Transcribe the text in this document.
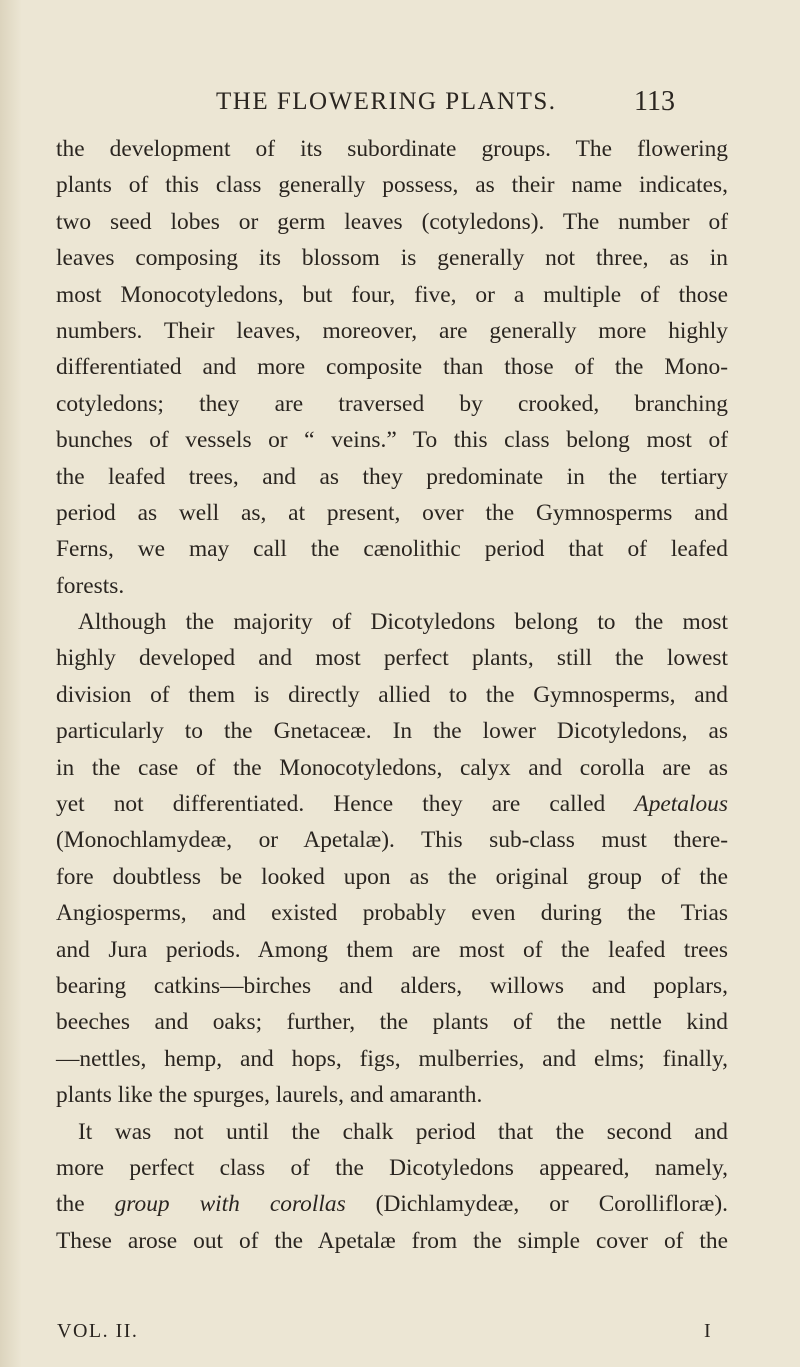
THE FLOWERING PLANTS.	113
the development of its subordinate groups. The flowering
plants of this class generally possess, as their name indicates,
two seed lobes or germ leaves (cotyledons). The number of
leaves composing its blossom is generally not three, as in
most Monocotyledons, but four, five, or a multiple of those
numbers. Their leaves, moreover, are generally more highly
differentiated and more composite than those of the Mono-
cotyledons; they are traversed by crooked, branching
bunches of vessels or “ veins.” To this class belong most of
the leafed trees, and as they predominate in the tertiary
period as well as, at present, over the Gymnosperms and
Ferns, we may call the cænolithic period that of leafed
forests.
Although the majority of Dicotyledons belong to the most
highly developed and most perfect plants, still the lowest
division of them is directly allied to the Gymnosperms, and
particularly to the Gnetaceæ. In the lower Dicotyledons, as
in the case of the Monocotyledons, calyx and corolla are as
yet not differentiated. Hence they are called Apetalous
(Monochlamydeæ, or Apetalæ). This sub-class must there-
fore doubtless be looked upon as the original group of the
Angiosperms, and existed probably even during the Trias
and Jura periods. Among them are most of the leafed trees
bearing catkins—birches and alders, willows and poplars,
beeches and oaks; further, the plants of the nettle kind
—nettles, hemp, and hops, figs, mulberries, and elms; finally,
plants like the spurges, laurels, and amaranth.
It was not until the chalk period that the second and
more perfect class of the Dicotyledons appeared, namely,
the group with corollas (Dichlamydeæ, or Corollifloræ).
These arose out of the Apetalæ from the simple cover of the
VOL. II.	I
